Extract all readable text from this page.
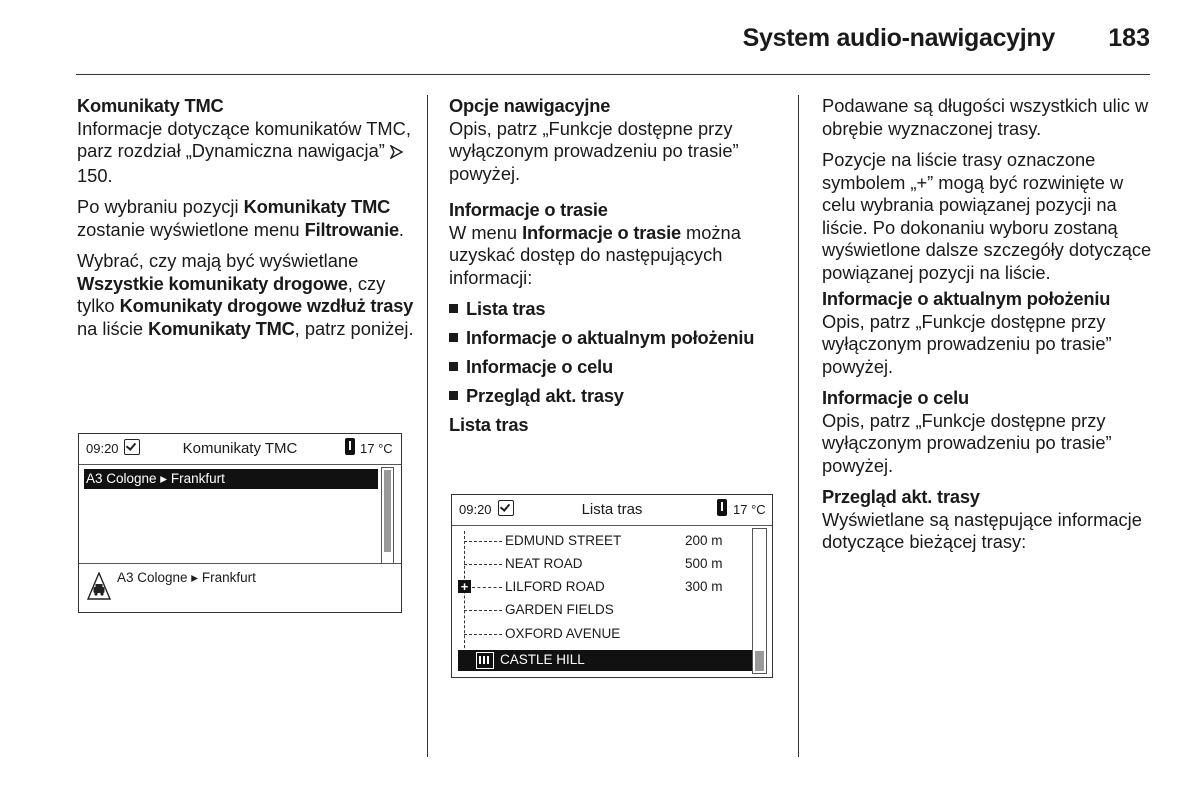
System audio-nawigacyjny 183
Komunikaty TMC

Informacje dotyczące komunikatów TMC, parz rozdział „Dynamiczna nawigacja”  150.

Po wybraniu pozycji Komunikaty TMC zostanie wyświetlone menu Filtrowanie.

Wybrać, czy mają być wyświetlane Wszystkie komunikaty drogowe, czy tylko Komunikaty drogowe wzdłuż trasy na liście Komunikaty TMC, patrz poniżej.

09:20	Komunikaty TMC	17 °C
A3 Cologne ▸ Frankfurt
A3 Cologne ▸ Frankfurt
Opcje nawigacyjne

Opis, patrz „Funkcje dostępne przy wyłączonym prowadzeniu po trasie” powyżej.

Informacje o trasie

W menu Informacje o trasie można uzyskać dostęp do następujących informacji:

Lista tras
Informacje o aktualnym położeniu
Informacje o celu
Przegląd akt. trasy
Lista tras
09:20	Lista tras	17 °C
EDMUND STREET	200 m
NEAT ROAD	500 m
+	LILFORD ROAD	300 m
GARDEN FIELDS
OXFORD AVENUE
CASTLE HILL

Podawane są długości wszystkich ulic w obrębie wyznaczonej trasy.

Pozycje na liście trasy oznaczone symbolem „+” mogą być rozwinięte w celu wybrania powiązanej pozycji na liście. Po dokonaniu wyboru zostaną wyświetlone dalsze szczegóły dotyczące powiązanej pozycji na liście.

Informacje o aktualnym położeniu

Opis, patrz „Funkcje dostępne przy wyłączonym prowadzeniu po trasie” powyżej.

Informacje o celu

Opis, patrz „Funkcje dostępne przy wyłączonym prowadzeniu po trasie” powyżej.

Przegląd akt. trasy

Wyświetlane są następujące informacje dotyczące bieżącej trasy:
